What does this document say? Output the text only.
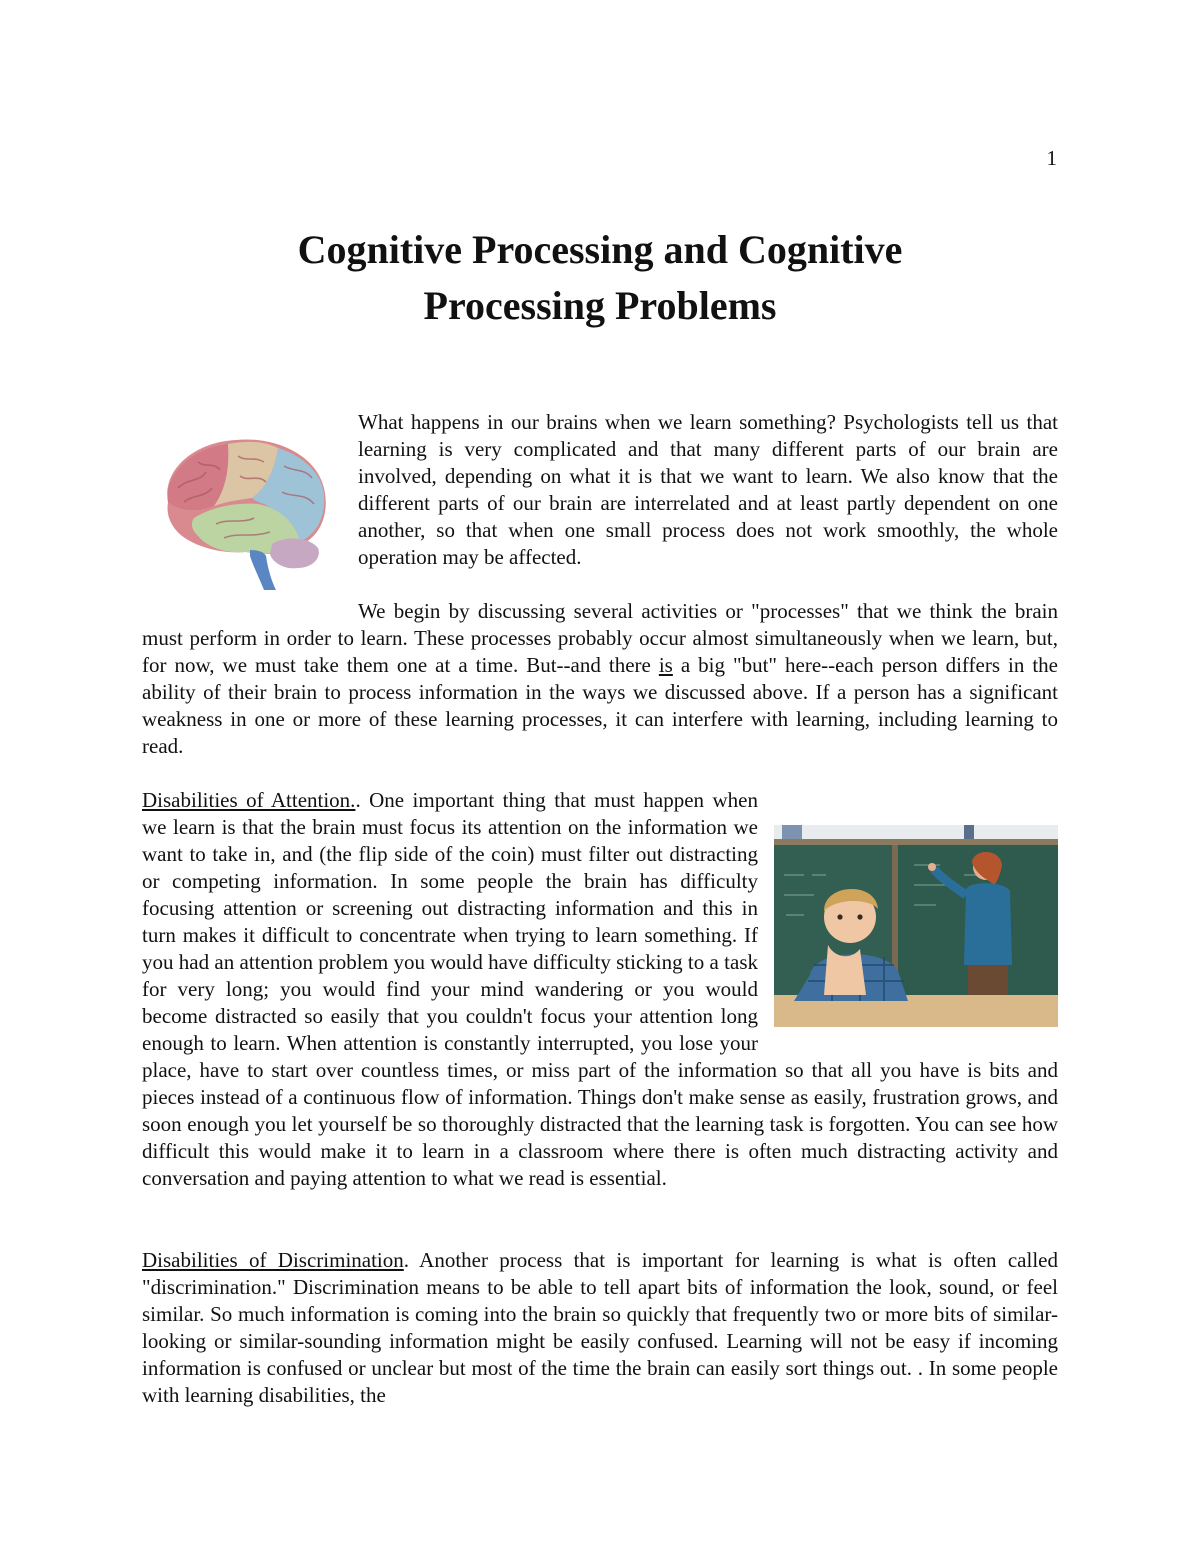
1
Cognitive Processing and Cognitive
Processing Problems

What happens in our brains when we learn something? Psychologists tell us that learning is very complicated and that many different parts of our brain are involved, depending on what it is that we want to learn. We also know that the different parts of our brain are interrelated and at least partly dependent on one another, so that when one small process does not work smoothly, the whole operation may be affected.

We begin by discussing several activities or "processes" that we think the brain must perform in order to learn. These processes probably occur almost simultaneously when we learn, but, for now, we must take them one at a time. But--and there is a big "but" here--each person differs in the ability of their brain to process information in the ways we discussed above. If a person has a significant weakness in one or more of these learning processes, it can interfere with learning, including learning to read.

Disabilities of Attention.. One important thing that must happen when we learn is that the brain must focus its attention on the information we want to take in, and (the flip side of the coin) must filter out distracting or competing information. In some people the brain has difficulty focusing attention or screening out distracting information and this in turn makes it difficult to concentrate when trying to learn something. If you had an attention problem you would have difficulty sticking to a task for very long; you would find your mind wandering or you would become distracted so easily that you couldn't focus your attention long enough to learn. When attention is constantly interrupted, you lose your place, have to start over countless times, or miss part of the information so that all you have is bits and pieces instead of a continuous flow of information. Things don't make sense as easily, frustration grows, and soon enough you let yourself be so thoroughly distracted that the learning task is forgotten. You can see how difficult this would make it to learn in a classroom where there is often much distracting activity and conversation and paying attention to what we read is essential.

Disabilities of Discrimination. Another process that is important for learning is what is often called "discrimination." Discrimination means to be able to tell apart bits of information the look, sound, or feel similar. So much information is coming into the brain so quickly that frequently two or more bits of similar-looking or similar-sounding information might be easily confused. Learning will not be easy if incoming information is confused or unclear but most of the time the brain can easily sort things out. . In some people with learning disabilities, the
